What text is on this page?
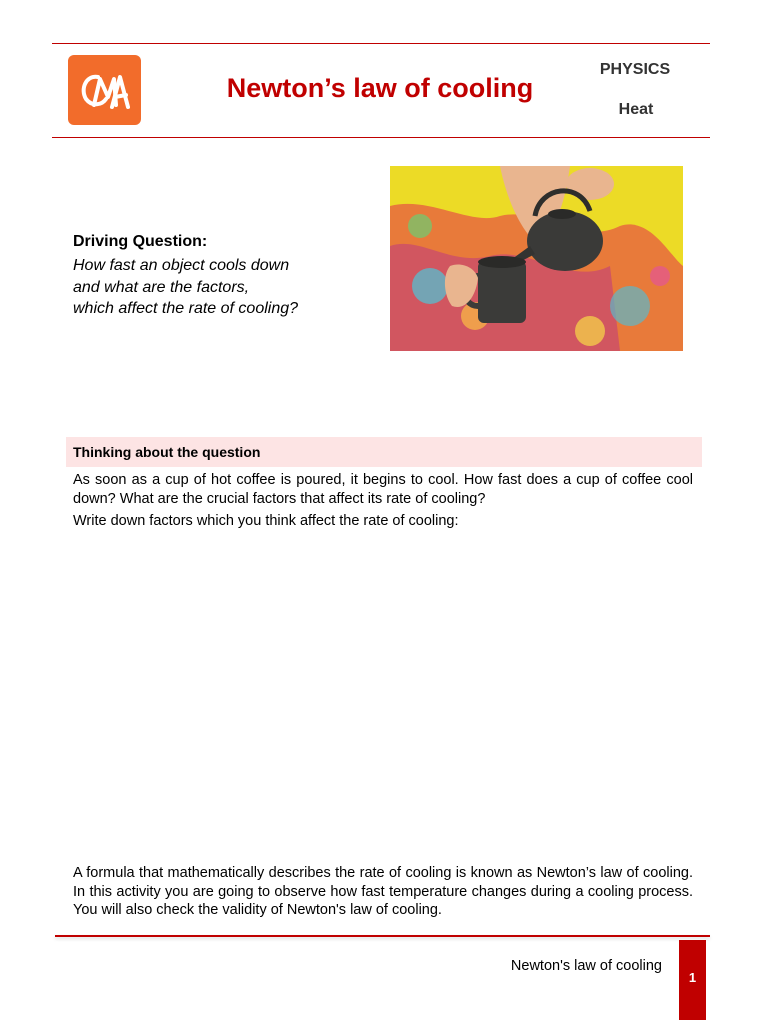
Newton’s law of cooling
PHYSICS
Heat
Driving Question:
How fast an object cools down
and what are the factors,
which affect the rate of cooling?
Thinking about the question
As soon as a cup of hot coffee is poured, it begins to cool. How fast does a cup of coffee cool down? What are the crucial factors that affect its rate of cooling?
Write down factors which you think affect the rate of cooling:
A formula that mathematically describes the rate of cooling is known as Newton’s law of cooling. In this activity you are going to observe how fast temperature changes during a cooling process. You will also check the validity of Newton's law of cooling.
Newton's law of cooling
1
